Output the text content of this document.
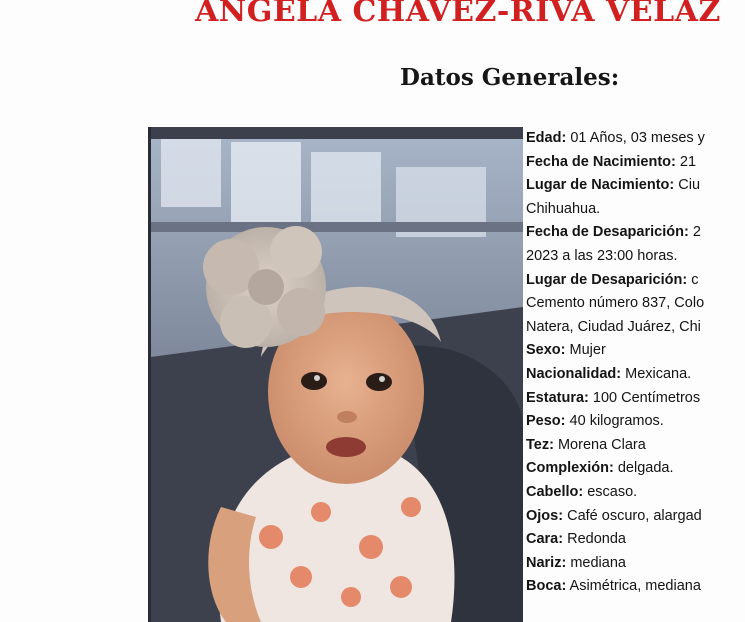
ANGELA CHAVEZ-RIVA VELAZ
Datos Generales:
Edad: 01 Años, 03 meses y
Fecha de Nacimiento: 21
Lugar de Nacimiento: Ciu
Chihuahua.
Fecha de Desaparición: 2
2023 a las 23:00 horas.
Lugar de Desaparición: c
Cemento número 837, Colo
Natera, Ciudad Juárez, Chi
Sexo: Mujer
Nacionalidad: Mexicana.
Estatura: 100 Centímetros
Peso: 40 kilogramos.
Tez: Morena Clara
Complexión: delgada.
Cabello: escaso.
Ojos: Café oscuro, alargad
Cara: Redonda
Nariz: mediana
Boca: Asimétrica, mediana
